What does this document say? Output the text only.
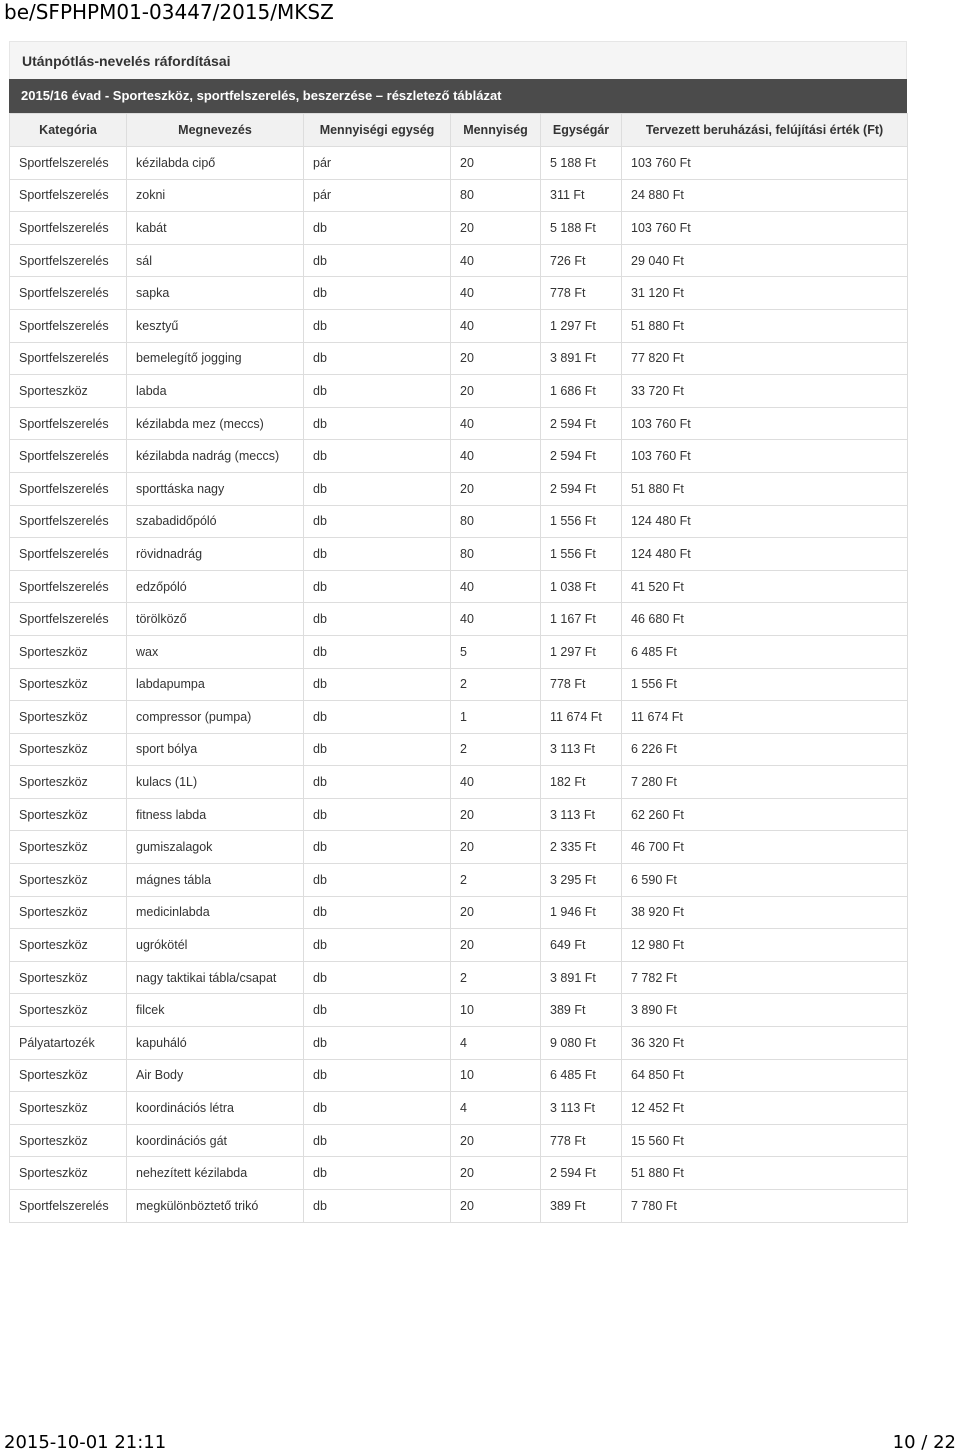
be/SFPHPM01-03447/2015/MKSZ
Utánpótlás-nevelés ráfordításai
2015/16 évad - Sporteszköz, sportfelszerelés, beszerzése – részletező táblázat
Kategória	Megnevezés	Mennyiségi egység	Mennyiség	Egységár	Tervezett beruházási, felújítási érték (Ft)
Sportfelszerelés	kézilabda cipő	pár	20	5 188 Ft	103 760 Ft
Sportfelszerelés	zokni	pár	80	311 Ft	24 880 Ft
Sportfelszerelés	kabát	db	20	5 188 Ft	103 760 Ft
Sportfelszerelés	sál	db	40	726 Ft	29 040 Ft
Sportfelszerelés	sapka	db	40	778 Ft	31 120 Ft
Sportfelszerelés	kesztyű	db	40	1 297 Ft	51 880 Ft
Sportfelszerelés	bemelegítő jogging	db	20	3 891 Ft	77 820 Ft
Sporteszköz	labda	db	20	1 686 Ft	33 720 Ft
Sportfelszerelés	kézilabda mez (meccs)	db	40	2 594 Ft	103 760 Ft
Sportfelszerelés	kézilabda nadrág (meccs)	db	40	2 594 Ft	103 760 Ft
Sportfelszerelés	sporttáska nagy	db	20	2 594 Ft	51 880 Ft
Sportfelszerelés	szabadidőpóló	db	80	1 556 Ft	124 480 Ft
Sportfelszerelés	rövidnadrág	db	80	1 556 Ft	124 480 Ft
Sportfelszerelés	edzőpóló	db	40	1 038 Ft	41 520 Ft
Sportfelszerelés	törölköző	db	40	1 167 Ft	46 680 Ft
Sporteszköz	wax	db	5	1 297 Ft	6 485 Ft
Sporteszköz	labdapumpa	db	2	778 Ft	1 556 Ft
Sporteszköz	compressor (pumpa)	db	1	11 674 Ft	11 674 Ft
Sporteszköz	sport bólya	db	2	3 113 Ft	6 226 Ft
Sporteszköz	kulacs (1L)	db	40	182 Ft	7 280 Ft
Sporteszköz	fitness labda	db	20	3 113 Ft	62 260 Ft
Sporteszköz	gumiszalagok	db	20	2 335 Ft	46 700 Ft
Sporteszköz	mágnes tábla	db	2	3 295 Ft	6 590 Ft
Sporteszköz	medicinlabda	db	20	1 946 Ft	38 920 Ft
Sporteszköz	ugrókötél	db	20	649 Ft	12 980 Ft
Sporteszköz	nagy taktikai tábla/csapat	db	2	3 891 Ft	7 782 Ft
Sporteszköz	filcek	db	10	389 Ft	3 890 Ft
Pályatartozék	kapuháló	db	4	9 080 Ft	36 320 Ft
Sporteszköz	Air Body	db	10	6 485 Ft	64 850 Ft
Sporteszköz	koordinációs létra	db	4	3 113 Ft	12 452 Ft
Sporteszköz	koordinációs gát	db	20	778 Ft	15 560 Ft
Sporteszköz	nehezített kézilabda	db	20	2 594 Ft	51 880 Ft
Sportfelszerelés	megkülönböztető trikó	db	20	389 Ft	7 780 Ft
2015-10-01 21:11	10 / 22
